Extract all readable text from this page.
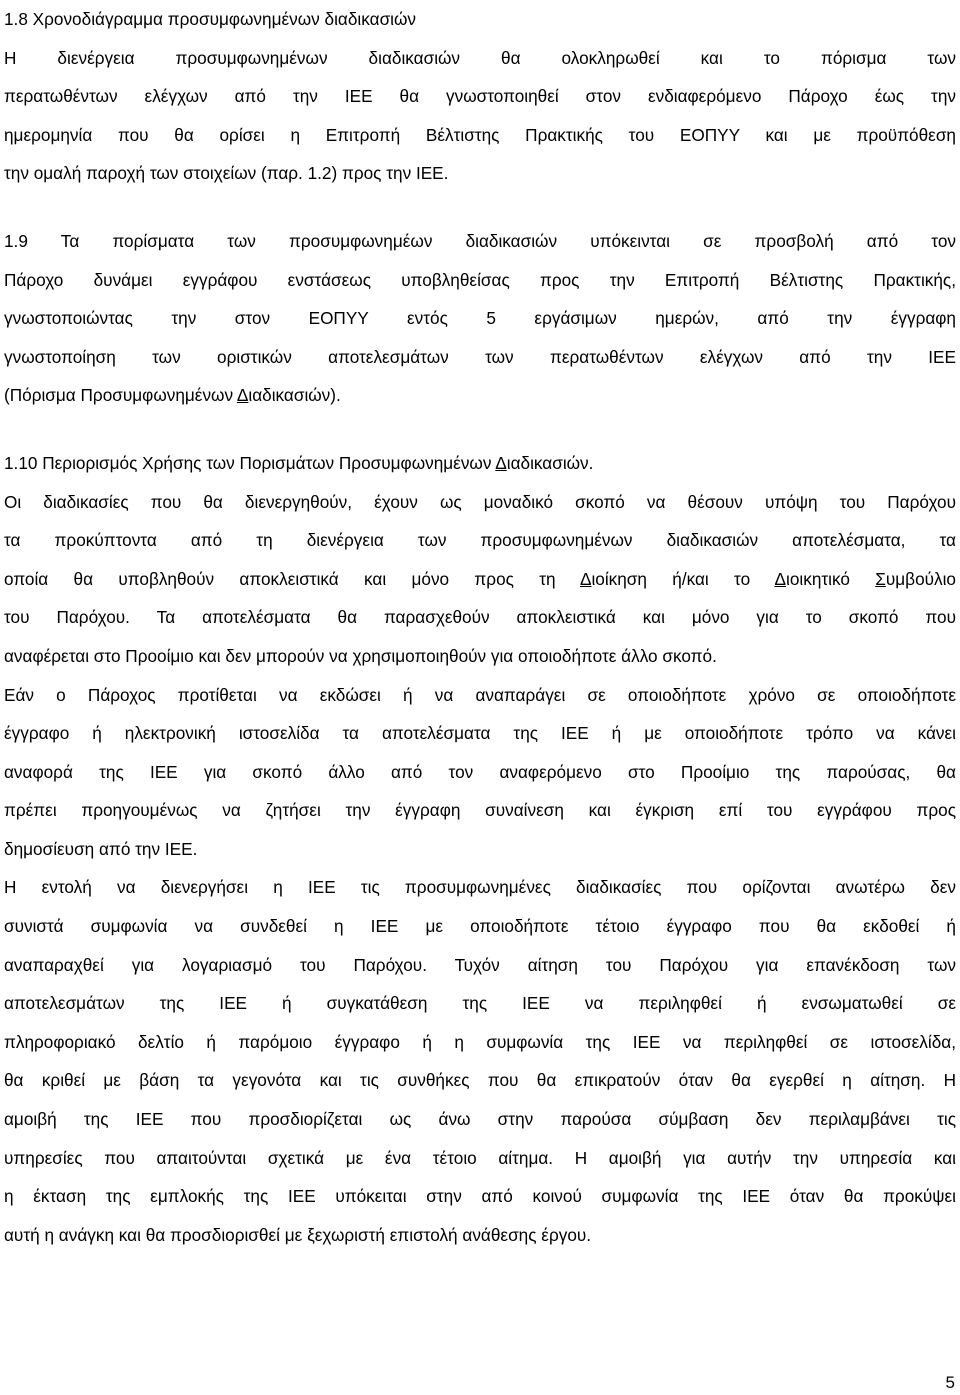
1.8 Χρονοδιάγραμμα προσυμφωνημένων διαδικασιών
Η διενέργεια προσυμφωνημένων διαδικασιών θα ολοκληρωθεί και το πόρισμα των
περατωθέντων ελέγχων από την ΙΕΕ θα γνωστοποιηθεί στον ενδιαφερόμενο Πάροχο έως την
ημερομηνία που θα ορίσει η Επιτροπή Βέλτιστης Πρακτικής του ΕΟΠΥΥ και με προϋπόθεση
την ομαλή παροχή των στοιχείων (παρ. 1.2) προς την ΙΕΕ.
1.9 Τα πορίσματα των προσυμφωνημέων διαδικασιών υπόκεινται σε προσβολή από τον
Πάροχο δυνάμει εγγράφου ενστάσεως υποβληθείσας προς την Επιτροπή Βέλτιστης Πρακτικής,
γνωστοποιώντας την στον ΕΟΠΥΥ εντός 5 εργάσιμων ημερών, από την έγγραφη
γνωστοποίηση των οριστικών αποτελεσμάτων των περατωθέντων ελέγχων από την ΙΕΕ
(Πόρισμα Προσυμφωνημένων Διαδικασιών).
1.10 Περιορισμός Χρήσης των Πορισμάτων Προσυμφωνημένων Διαδικασιών.
Οι διαδικασίες που θα διενεργηθούν, έχουν ως μοναδικό σκοπό να θέσουν υπόψη του Παρόχου
τα προκύπτοντα από τη διενέργεια των προσυμφωνημένων διαδικασιών αποτελέσματα, τα
οποία θα υποβληθούν αποκλειστικά και μόνο προς τη Διοίκηση ή/και το Διοικητικό Συμβούλιο
του Παρόχου. Τα αποτελέσματα θα παρασχεθούν αποκλειστικά και μόνο για το σκοπό που
αναφέρεται στο Προοίμιο και δεν μπορούν να χρησιμοποιηθούν για οποιοδήποτε άλλο σκοπό.
Εάν ο Πάροχος προτίθεται να εκδώσει ή να αναπαράγει σε οποιοδήποτε χρόνο σε οποιοδήποτε
έγγραφο ή ηλεκτρονική ιστοσελίδα τα αποτελέσματα της ΙΕΕ ή με οποιοδήποτε τρόπο να κάνει
αναφορά της ΙΕΕ για σκοπό άλλο από τον αναφερόμενο στο Προοίμιο της παρούσας, θα
πρέπει προηγουμένως να ζητήσει την έγγραφη συναίνεση και έγκριση επί του εγγράφου προς
δημοσίευση από την ΙΕΕ.
Η εντολή να διενεργήσει η ΙΕΕ τις προσυμφωνημένες διαδικασίες που ορίζονται ανωτέρω δεν
συνιστά συμφωνία να συνδεθεί η ΙΕΕ με οποιοδήποτε τέτοιο έγγραφο που θα εκδοθεί ή
αναπαραχθεί για λογαριασμό του Παρόχου. Τυχόν αίτηση του Παρόχου για επανέκδοση των
αποτελεσμάτων της ΙΕΕ ή συγκατάθεση της ΙΕΕ να περιληφθεί ή ενσωματωθεί σε
πληροφοριακό δελτίο ή παρόμοιο έγγραφο ή η συμφωνία της ΙΕΕ να περιληφθεί σε ιστοσελίδα,
θα κριθεί με βάση τα γεγονότα και τις συνθήκες που θα επικρατούν όταν θα εγερθεί η αίτηση. Η
αμοιβή της ΙΕΕ που προσδιορίζεται ως άνω στην παρούσα σύμβαση δεν περιλαμβάνει τις
υπηρεσίες που απαιτούνται σχετικά με ένα τέτοιο αίτημα. Η αμοιβή για αυτήν την υπηρεσία και
η έκταση της εμπλοκής της ΙΕΕ υπόκειται στην από κοινού συμφωνία της ΙΕΕ όταν θα προκύψει
αυτή η ανάγκη και θα προσδιορισθεί με ξεχωριστή επιστολή ανάθεσης έργου.
5
